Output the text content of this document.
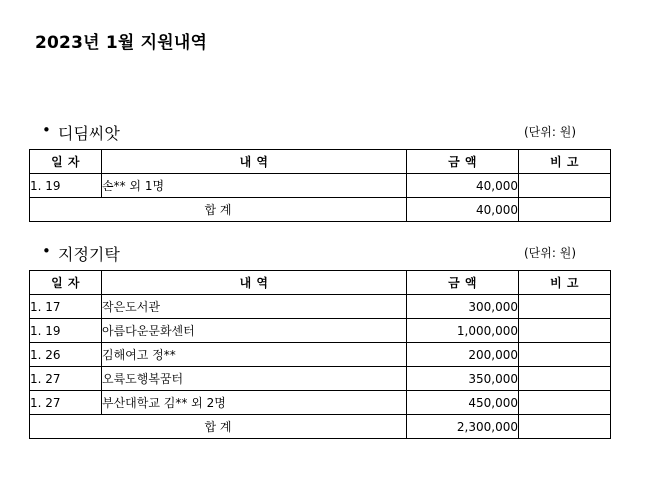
2023년 1월 지원내역
• 디딤씨앗	(단위: 원)
일 자	내 역	금 액	비 고
1. 19	손** 외 1명	40,000	
합 계		40,000	
• 지정기탁	(단위: 원)
일 자	내 역	금 액	비 고
1. 17	작은도서관	300,000	
1. 19	아름다운문화센터	1,000,000	
1. 26	김해여고 정**	200,000	
1. 27	오륙도행복꿈터	350,000	
1. 27	부산대학교 김** 외 2명	450,000	
합 계		2,300,000	
